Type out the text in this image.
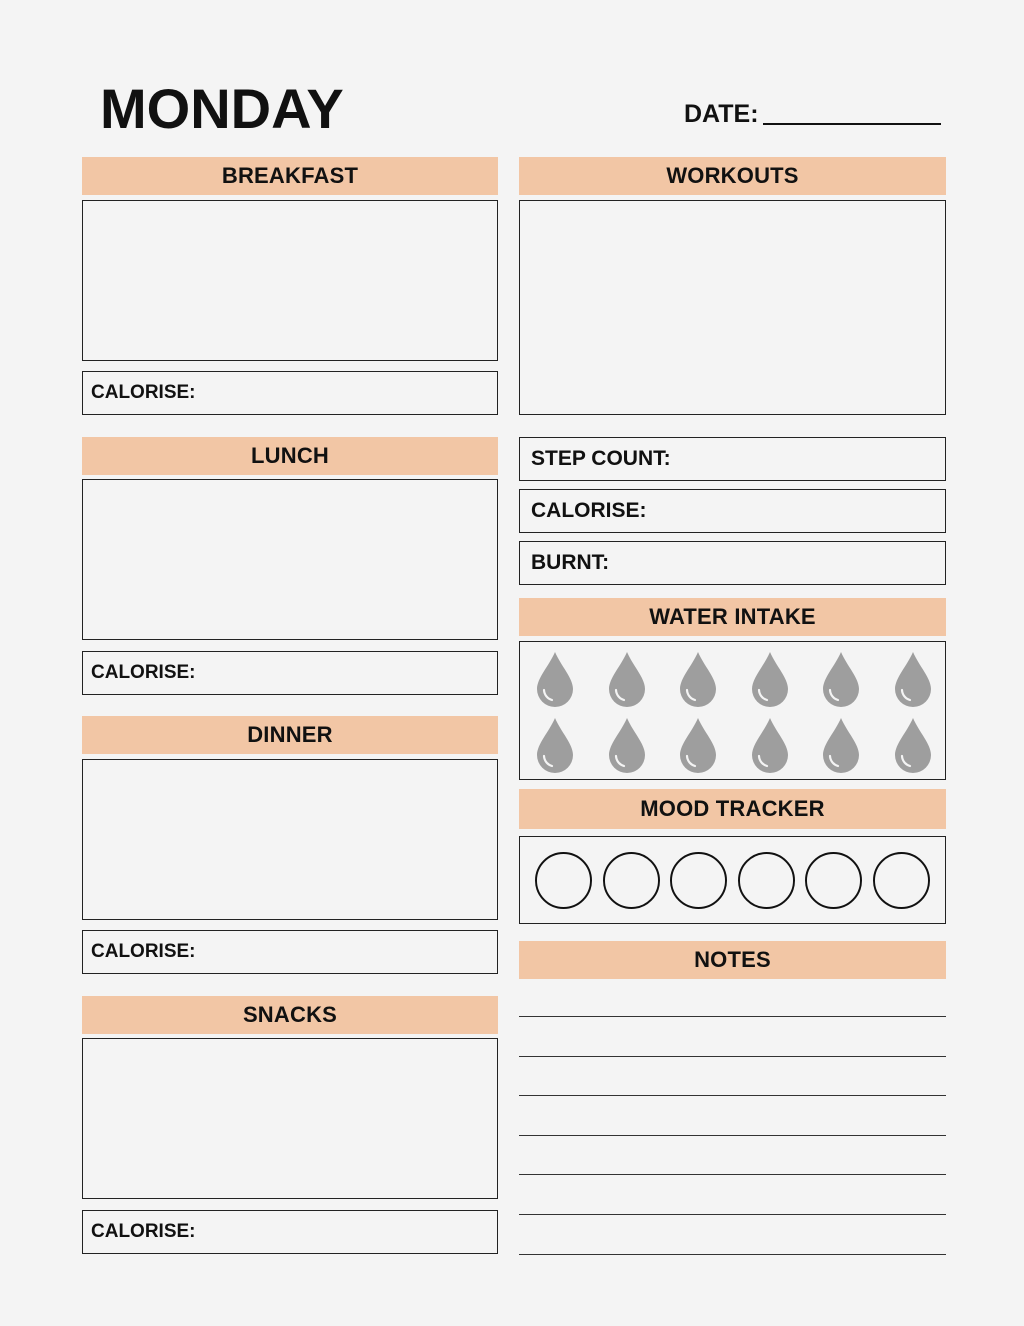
MONDAY	DATE:
BREAKFAST
CALORISE:
LUNCH
CALORISE:
DINNER
CALORISE:
SNACKS
CALORISE:
WORKOUTS
STEP COUNT:
CALORISE:
BURNT:
WATER INTAKE
MOOD TRACKER
NOTES
